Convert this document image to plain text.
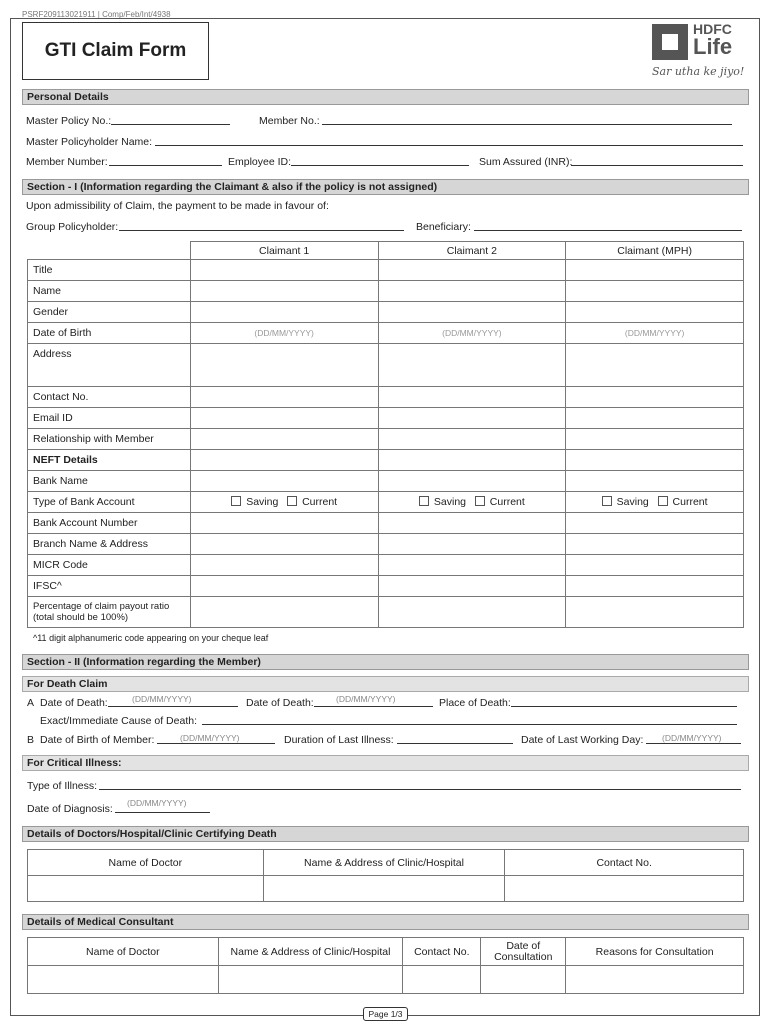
PSRF209113021911 | Comp/Feb/Int/4938
GTI Claim Form
HDFC
Life
Sar utha ke jiyo!
Personal Details
Master Policy No.:	Member No.:
Master Policyholder Name:
Member Number:	Employee ID:	Sum Assured (INR):
Section - I (Information regarding the Claimant & also if the policy is not assigned)
Upon admissibility of Claim, the payment to be made in favour of:
Group Policyholder:	Beneficiary:
	Claimant 1	Claimant 2	Claimant (MPH)
Title			
Name			
Gender			
Date of Birth	(DD/MM/YYYY)	(DD/MM/YYYY)	(DD/MM/YYYY)
Address			
Contact No.			
Email ID			
Relationship with Member			
NEFT Details			
Bank Name			
Type of Bank Account	Saving Current	Saving Current	Saving Current
Bank Account Number			
Branch Name & Address			
MICR Code			
IFSC^			
Percentage of claim payout ratio (total should be 100%)			
^11 digit alphanumeric code appearing on your cheque leaf
Section - II (Information regarding the Member)
For Death Claim
A Date of Death:	(DD/MM/YYYY)	Date of Death:	(DD/MM/YYYY)	Place of Death:
Exact/Immediate Cause of Death:
B Date of Birth of Member:	(DD/MM/YYYY)	Duration of Last Illness:	Date of Last Working Day: (DD/MM/YYYY)
For Critical Illness:
Type of Illness:
Date of Diagnosis: (DD/MM/YYYY)
Details of Doctors/Hospital/Clinic Certifying Death
Name of Doctor	Name & Address of Clinic/Hospital	Contact No.

Details of Medical Consultant
Name of Doctor	Name & Address of Clinic/Hospital	Contact No.	Date of Consultation	Reasons for Consultation

Page 1/3
